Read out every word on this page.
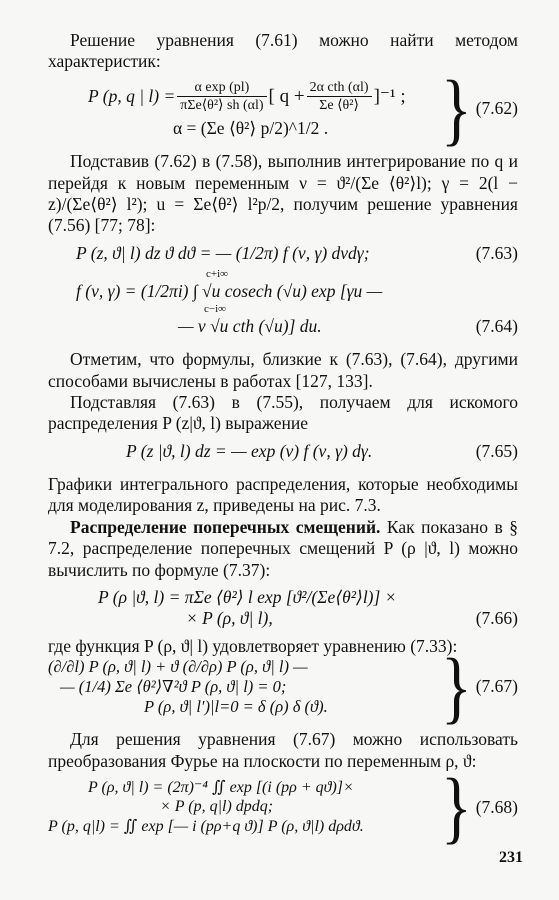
Решение уравнения (7.61) можно найти методом характеристик:

P (p, q | $l) = \frac{\text{α exp (pl)}}{\text{πΣe⟨θ²⟩ sh (αl)}}$ [ $q + \frac{\text{2α cth (αl)}}{\text{Σe ⟨θ²⟩}} ]^{-1}$ ;
α = (Σe ⟨θ²⟩ p/2)^1/2 .	} (7.62)

Подставив (7.62) в (7.58), выполнив интегрирование по q и перейдя к новым переменным ν = ϑ²/(Σe ⟨θ²⟩l); γ = 2(l − z)/(Σe⟨θ²⟩ l²); u = Σe⟨θ²⟩ l²p/2, получим решение уравнения (7.56) [77; 78]:

P (z, ϑ| l) dz ϑ dϑ = — (1/2π) f (ν, γ) dνdγ;	(7.63)
c+i∞
f (ν, γ) = (1/2πi) ∫ √u cosech (√u) exp [γu —
c−i∞
— ν √u cth (√u)] du.	(7.64)

Отметим, что формулы, близкие к (7.63), (7.64), другими способами вычислены в работах [127, 133].

Подставляя (7.63) в (7.55), получаем для искомого распределения P (z|ϑ, l) выражение

P (z |ϑ, l) dz = — exp (ν) f (ν, γ) dγ.	(7.65)

Графики интегрального распределения, которые необходимы для моделирования z, приведены на рис. 7.3.

Распределение поперечных смещений. Как показано в § 7.2, распределение поперечных смещений P (ρ |ϑ, l) можно вычислить по формуле (7.37):

P (ρ |ϑ, l) = πΣe ⟨θ²⟩ l exp [ϑ²/(Σe⟨θ²⟩l)] ×
× P (ρ, ϑ| l),	(7.66)

где функция P (ρ, ϑ| l) удовлетворяет уравнению (7.33):

(∂/∂l) P (ρ, ϑ| l) + ϑ (∂/∂ρ) P (ρ, ϑ| l) —
— (1/4) Σe ⟨θ²⟩∇²ϑ P (ρ, ϑ| l) = 0;
P (ρ, ϑ| l′)|l=0 = δ (ρ) δ (ϑ).	} (7.67)

Для решения уравнения (7.67) можно использовать преобразования Фурье на плоскости по переменным ρ, ϑ:

P (ρ, ϑ| l) = (2π)⁻⁴ ∬ exp [(i (pρ + qϑ)]×
× P (p, q|l) dpdq;
P (p, q|l) = ∬ exp [— i (pρ+q ϑ)] P (ρ, ϑ|l) dρdϑ.	} (7.68)
231
